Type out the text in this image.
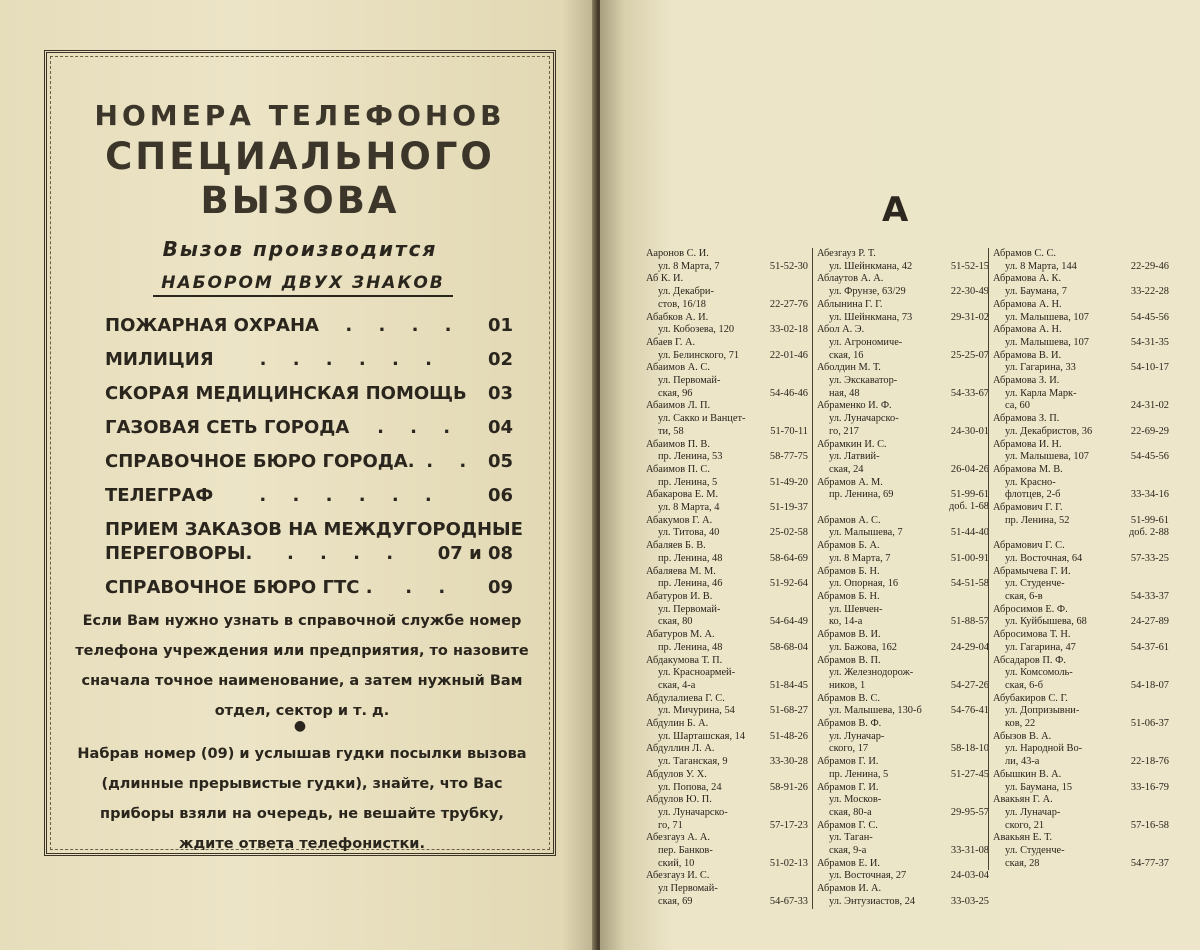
НОМЕРА ТЕЛЕФОНОВ
СПЕЦИАЛЬНОГО
ВЫЗОВА
Вызов производится
НАБОРОМ ДВУХ ЗНАКОВ
ПОЖАРНАЯ ОХРАНА	. . . .	01
МИЛИЦИЯ	. . . . . .	02
СКОРАЯ МЕДИЦИНСКАЯ ПОМОЩЬ 03
ГАЗОВАЯ СЕТЬ ГОРОДА	. . .	04
СПРАВОЧНОЕ БЮРО ГОРОДА. . . 05
ТЕЛЕГРАФ	. . . . . .	06
ПРИЕМ ЗАКАЗОВ НА МЕЖДУГОРОДНЫЕ
ПЕРЕГОВОРЫ.	. . . .	07 и 08
СПРАВОЧНОЕ БЮРО ГТС .	. .	09
Если Вам нужно узнать в справочной службе номер телефона учреждения или предприятия, то назовите сначала точное наименование, а затем нужный Вам отдел, сектор и т. д.
●
Набрав номер (09) и услышав гудки посылки вызова (длинные прерывистые гудки), знайте, что Вас приборы взяли на очередь, не вешайте трубку, ждите ответа телефонистки.
А
Ааронов С. И.
ул. 8 Марта, 7	51-52-30
Аб К. И.
ул. Декабри-
стов, 16/18	22-27-76
Абабков А. И.
ул. Кобозева, 120	33-02-18
Абаев Г. А.
ул. Белинского, 71	22-01-46
Абаимов А. С.
ул. Первомай-
ская, 96	54-46-46
Абаимов Л. П.
ул. Сакко и Ванцет-
ти, 58	51-70-11
Абаимов П. В.
пр. Ленина, 53	58-77-75
Абаимов П. С.
пр. Ленина, 5	51-49-20
Абакарова Е. М.
ул. 8 Марта, 4	51-19-37
Абакумов Г. А.
ул. Титова, 40	25-02-58
Абаляев Б. В.
пр. Ленина, 48	58-64-69
Абаляева М. М.
пр. Ленина, 46	51-92-64
Абатуров И. В.
ул. Первомай-
ская, 80	54-64-49
Абатуров М. А.
пр. Ленина, 48	58-68-04
Абдакумова Т. П.
ул. Красноармей-
ская, 4-а	51-84-45
Абдулалиева Г. С.
ул. Мичурина, 54	51-68-27
Абдулин Б. А.
ул. Шарташская, 14	51-48-26
Абдуллин Л. А.
ул. Таганская, 9	33-30-28
Абдулов У. Х.
ул. Попова, 24	58-91-26
Абдулов Ю. П.
ул. Луначарско-
го, 71	57-17-23
Абезгауз А. А.
пер. Банков-
ский, 10	51-02-13
Абезгауз И. С.
ул Первомай-
ская, 69	54-67-33
Абезгауз Р. Т.
ул. Шейнкмана, 42	51-52-15
Аблаутов А. А.
ул. Фрунзе, 63/29	22-30-49
Аблынина Г. Г.
ул. Шейнкмана, 73	29-31-02
Абол А. Э.
ул. Агрономиче-
ская, 16	25-25-07
Аболдин М. Т.
ул. Экскаватор-
ная, 48	54-33-67
Абраменко И. Ф.
ул. Луначарско-
го, 217	24-30-01
Абрамкин И. С.
ул. Латвий-
ская, 24	26-04-26
Абрамов А. М.
пр. Ленина, 69	51-99-61
доб. 1-68

Абрамов А. С.
ул. Малышева, 7	51-44-40
Абрамов Б. А.
ул. 8 Марта, 7	51-00-91
Абрамов Б. Н.
ул. Опорная, 16	54-51-58
Абрамов Б. Н.
ул. Шевчен-
ко, 14-а	51-88-57
Абрамов В. И.
ул. Бажова, 162	24-29-04
Абрамов В. П.
ул. Железнодорож-
ников, 1	54-27-26
Абрамов В. С.
ул. Малышева, 130-б	54-76-41
Абрамов В. Ф.
ул. Луначар-
ского, 17	58-18-10
Абрамов Г. И.
пр. Ленина, 5	51-27-45
Абрамов Г. И.
ул. Москов-
ская, 80-а	29-95-57
Абрамов Г. С.
ул. Таган-
ская, 9-а	33-31-08
Абрамов Е. И.
ул. Восточная, 27	24-03-04
Абрамов И. А.
ул. Энтузиастов, 24	33-03-25
Абрамов С. С.
ул. 8 Марта, 144	22-29-46
Абрамова А. К.
ул. Баумана, 7	33-22-28
Абрамова А. Н.
ул. Малышева, 107	54-45-56
Абрамова А. Н.
ул. Малышева, 107	54-31-35
Абрамова В. И.
ул. Гагарина, 33	54-10-17
Абрамова З. И.
ул. Карла Марк-
са, 60	24-31-02
Абрамова З. П.
ул. Декабристов, 36	22-69-29
Абрамова И. Н.
ул. Малышева, 107	54-45-56
Абрамова М. В.
ул. Красно-
флотцев, 2-б	33-34-16
Абрамович Г. Г.
пр. Ленина, 52	51-99-61
доб. 2-88

Абрамович Г. С.
ул. Восточная, 64	57-33-25
Абрамычева Г. И.
ул. Студенче-
ская, 6-в	54-33-37
Абросимов Е. Ф.
ул. Куйбышева, 68	24-27-89
Абросимова Т. Н.
ул. Гагарина, 47	54-37-61
Абсадаров П. Ф.
ул. Комсомоль-
ская, 6-б	54-18-07
Абубакиров С. Г.
ул. Допризывни-
ков, 22	51-06-37
Абызов В. А.
ул. Народной Во-
ли, 43-а	22-18-76
Абышкин В. А.
ул. Баумана, 15	33-16-79
Авакьян Г. А.
ул. Луначар-
ского, 21	57-16-58
Авакьян Е. Т.
ул. Студенче-
ская, 28	54-77-37
